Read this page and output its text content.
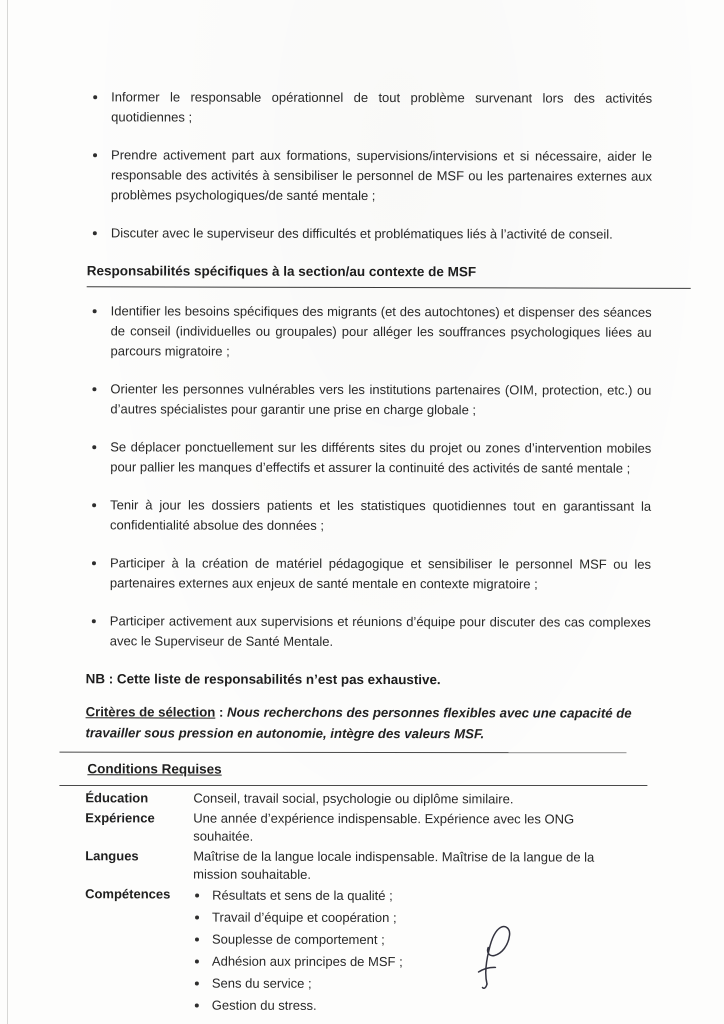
Informer le responsable opérationnel de tout problème survenant lors des activités quotidiennes ;
Prendre activement part aux formations, supervisions/intervisions et si nécessaire, aider le responsable des activités à sensibiliser le personnel de MSF ou les partenaires externes aux problèmes psychologiques/de santé mentale ;
Discuter avec le superviseur des difficultés et problématiques liés à l’activité de conseil.
Responsabilités spécifiques à la section/au contexte de MSF
Identifier les besoins spécifiques des migrants (et des autochtones) et dispenser des séances de conseil (individuelles ou groupales) pour alléger les souffrances psychologiques liées au parcours migratoire ;
Orienter les personnes vulnérables vers les institutions partenaires (OIM, protection, etc.) ou d’autres spécialistes pour garantir une prise en charge globale ;
Se déplacer ponctuellement sur les différents sites du projet ou zones d’intervention mobiles pour pallier les manques d’effectifs et assurer la continuité des activités de santé mentale ;
Tenir à jour les dossiers patients et les statistiques quotidiennes tout en garantissant la confidentialité absolue des données ;
Participer à la création de matériel pédagogique et sensibiliser le personnel MSF ou les partenaires externes aux enjeux de santé mentale en contexte migratoire ;
Participer activement aux supervisions et réunions d’équipe pour discuter des cas complexes avec le Superviseur de Santé Mentale.
NB : Cette liste de responsabilités n’est pas exhaustive.
Critères de sélection : Nous recherchons des personnes flexibles avec une capacité de travailler sous pression en autonomie, intègre des valeurs MSF.
Conditions Requises
Éducation	Conseil, travail social, psychologie ou diplôme similaire.
Expérience	Une année d’expérience indispensable. Expérience avec les ONG souhaitée.
Langues	Maîtrise de la langue locale indispensable. Maîtrise de la langue de la mission souhaitable.
Compétences	Résultats et sens de la qualité ;
Travail d’équipe et coopération ;
Souplesse de comportement ;
Adhésion aux principes de MSF ;
Sens du service ;
Gestion du stress.
